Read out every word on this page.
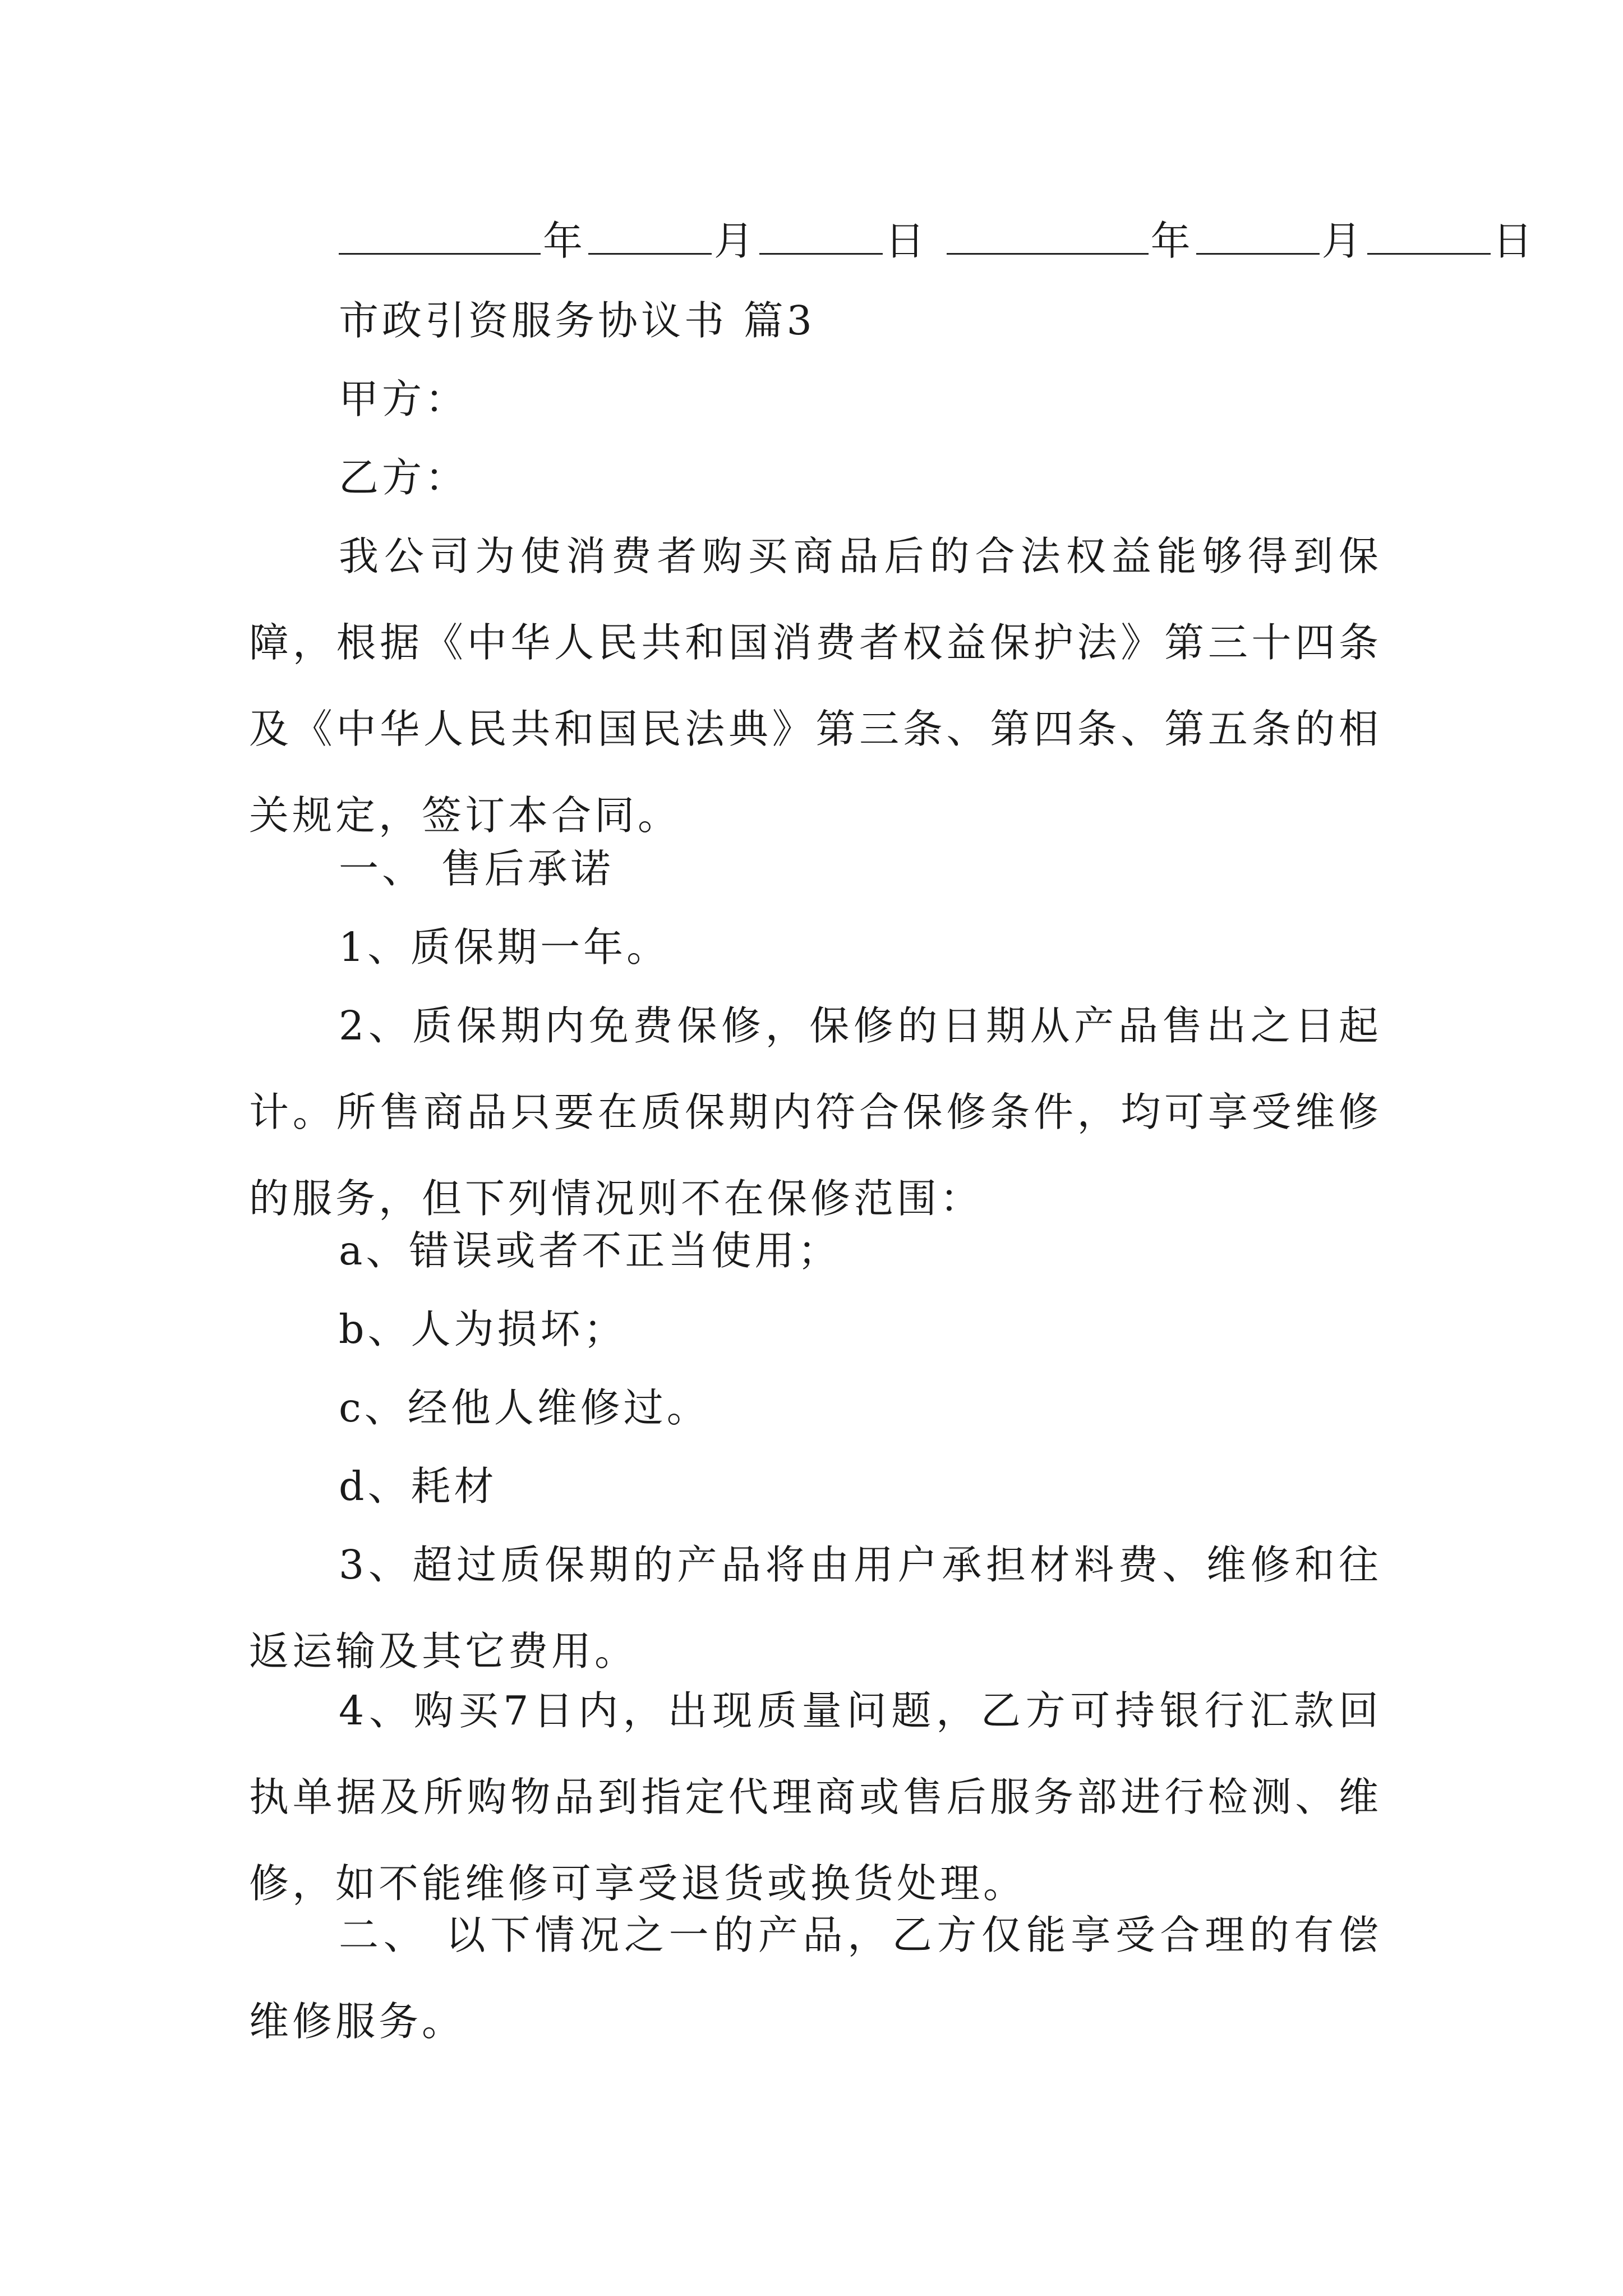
年	月	日	年	月	日
市政引资服务协议书 篇3
甲方：
乙方：
我公司为使消费者购买商品后的合法权益能够得到保障，根据《中华人民共和国消费者权益保护法》第三十四条及《中华人民共和国民法典》第三条、第四条、第五条的相关规定，签订本合同。
一、 售后承诺
1、质保期一年。
2、质保期内免费保修，保修的日期从产品售出之日起计。所售商品只要在质保期内符合保修条件，均可享受维修的服务，但下列情况则不在保修范围：
a、错误或者不正当使用；
b、人为损坏；
c、经他人维修过。
d、耗材
3、超过质保期的产品将由用户承担材料费、维修和往返运输及其它费用。
4、购买7日内，出现质量问题，乙方可持银行汇款回执单据及所购物品到指定代理商或售后服务部进行检测、维修，如不能维修可享受退货或换货处理。
二、 以下情况之一的产品，乙方仅能享受合理的有偿维修服务。
